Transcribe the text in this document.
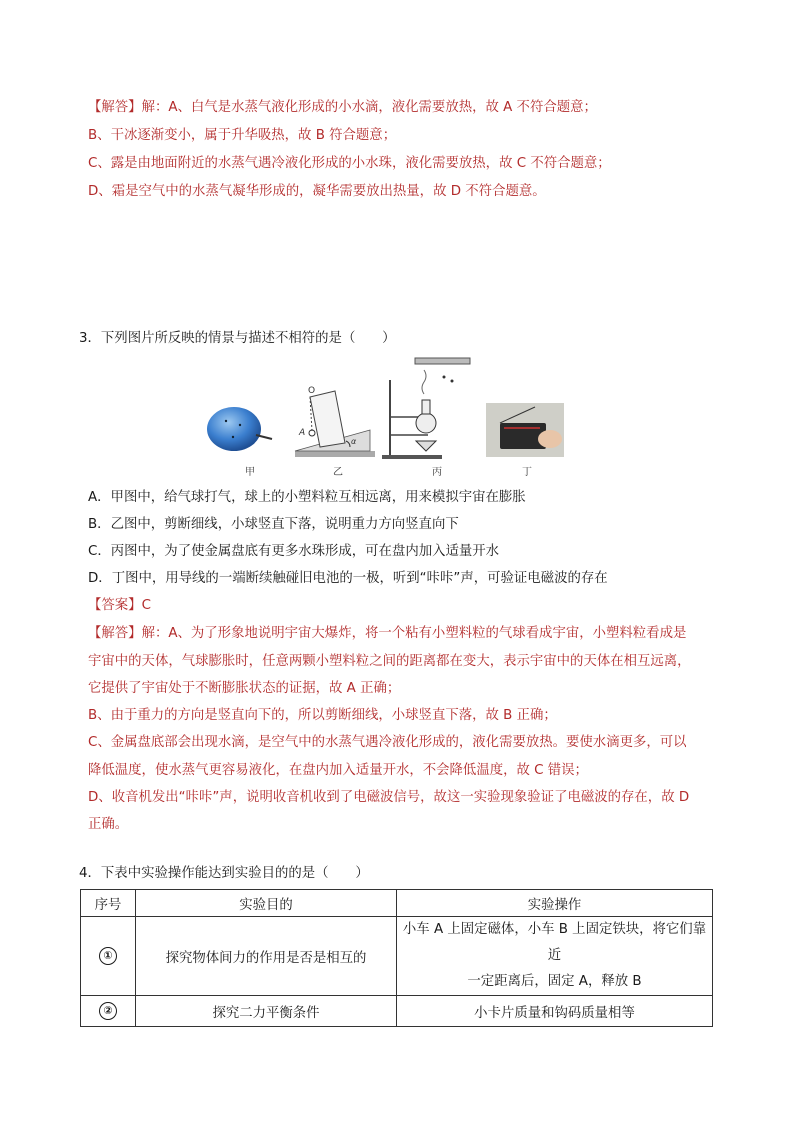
【解答】解：A、白气是水蒸气液化形成的小水滴，液化需要放热，故 A 不符合题意；
B、干冰逐渐变小，属于升华吸热，故 B 符合题意；
C、露是由地面附近的水蒸气遇冷液化形成的小水珠，液化需要放热，故 C 不符合题意；
D、霜是空气中的水蒸气凝华形成的，凝华需要放出热量，故 D 不符合题意。
3．下列图片所反映的情景与描述不相符的是（　　）
O
A
α
甲	乙	丙	丁
A．甲图中，给气球打气，球上的小塑料粒互相远离，用来模拟宇宙在膨胀
B．乙图中，剪断细线，小球竖直下落，说明重力方向竖直向下
C．丙图中，为了使金属盘底有更多水珠形成，可在盘内加入适量开水
D．丁图中，用导线的一端断续触碰旧电池的一极，听到“咔咔”声，可验证电磁波的存在
【答案】C
【解答】解：A、为了形象地说明宇宙大爆炸，将一个粘有小塑料粒的气球看成宇宙，小塑料粒看成是
宇宙中的天体，气球膨胀时，任意两颗小塑料粒之间的距离都在变大，表示宇宙中的天体在相互远离，
它提供了宇宙处于不断膨胀状态的证据，故 A 正确；
B、由于重力的方向是竖直向下的，所以剪断细线，小球竖直下落，故 B 正确；
C、金属盘底部会出现水滴，是空气中的水蒸气遇冷液化形成的，液化需要放热。要使水滴更多，可以
降低温度，使水蒸气更容易液化，在盘内加入适量开水，不会降低温度，故 C 错误；
D、收音机发出“咔咔”声，说明收音机收到了电磁波信号，故这一实验现象验证了电磁波的存在，故 D
正确。
4．下表中实验操作能达到实验目的的是（　　）
序号	实验目的	实验操作
①	探究物体间力的作用是否是相互的	小车 A 上固定磁体，小车 B 上固定铁块，将它们靠近
一定距离后，固定 A，释放 B

②	探究二力平衡条件	小卡片质量和钩码质量相等
